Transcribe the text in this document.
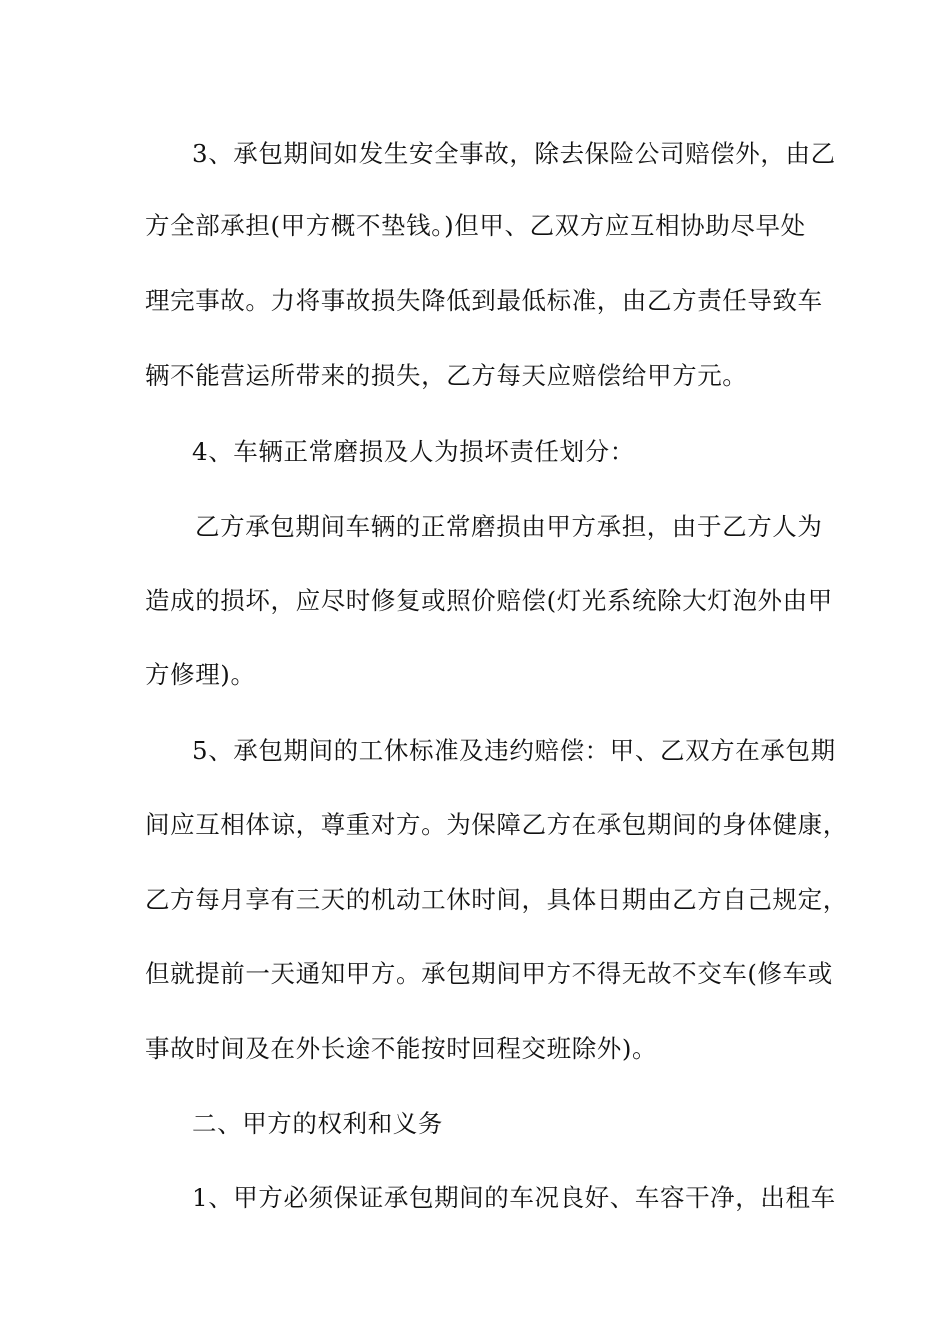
3、承包期间如发生安全事故，除去保险公司赔偿外，由乙
方全部承担(甲方概不垫钱。)但甲、乙双方应互相协助尽早处
理完事故。力将事故损失降低到最低标准，由乙方责任导致车
辆不能营运所带来的损失，乙方每天应赔偿给甲方元。
4、车辆正常磨损及人为损坏责任划分：
乙方承包期间车辆的正常磨损由甲方承担，由于乙方人为
造成的损坏，应尽时修复或照价赔偿(灯光系统除大灯泡外由甲
方修理)。
5、承包期间的工休标准及违约赔偿：甲、乙双方在承包期
间应互相体谅，尊重对方。为保障乙方在承包期间的身体健康，
乙方每月享有三天的机动工休时间，具体日期由乙方自己规定，
但就提前一天通知甲方。承包期间甲方不得无故不交车(修车或
事故时间及在外长途不能按时回程交班除外)。
二、甲方的权利和义务
1、甲方必须保证承包期间的车况良好、车容干净，出租车
